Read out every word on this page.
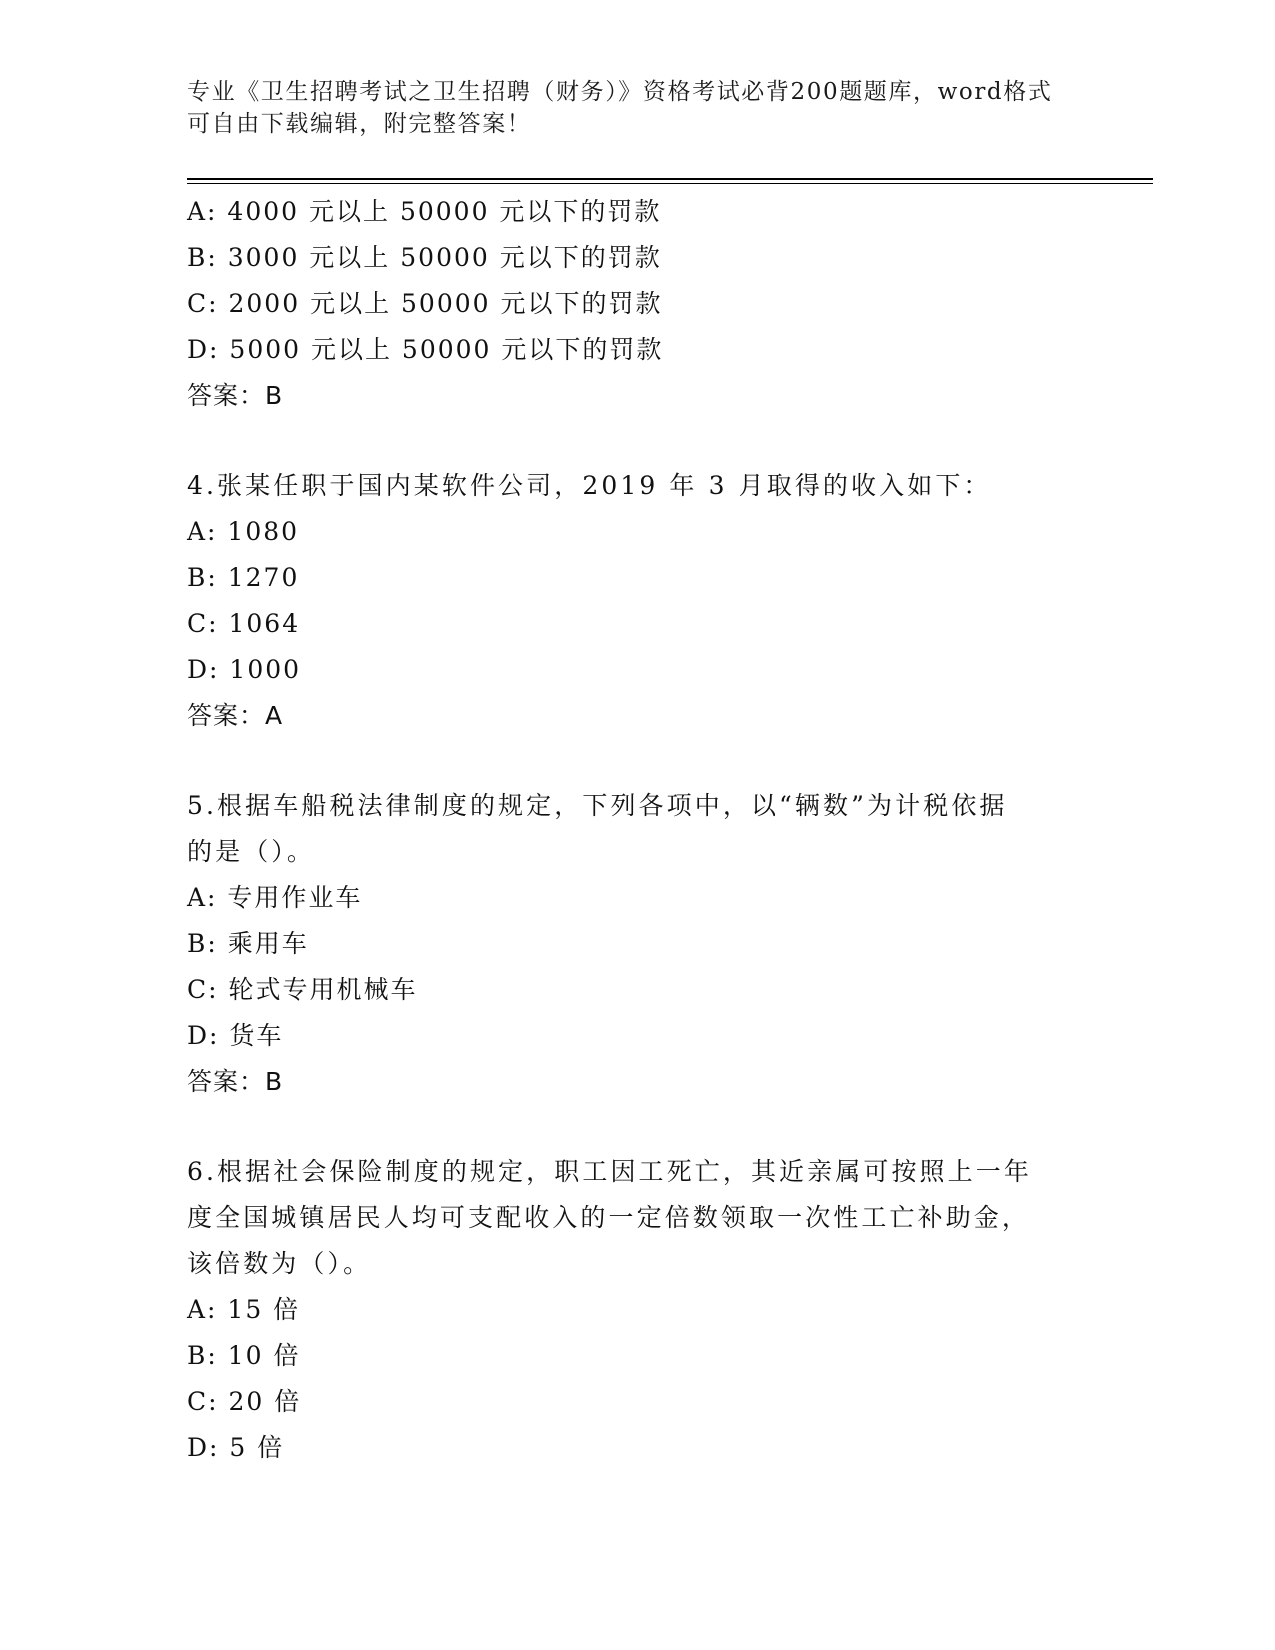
专业《卫生招聘考试之卫生招聘（财务）》资格考试必背200题题库，word格式
可自由下载编辑，附完整答案！
A: 4000 元以上 50000 元以下的罚款
B: 3000 元以上 50000 元以下的罚款
C: 2000 元以上 50000 元以下的罚款
D: 5000 元以上 50000 元以下的罚款
答案：B
4.张某任职于国内某软件公司，2019 年 3 月取得的收入如下：
A: 1080
B: 1270
C: 1064
D: 1000
答案：A
5.根据车船税法律制度的规定，下列各项中，以“辆数”为计税依据
的是（）。
A: 专用作业车
B: 乘用车
C: 轮式专用机械车
D: 货车
答案：B
6.根据社会保险制度的规定，职工因工死亡，其近亲属可按照上一年
度全国城镇居民人均可支配收入的一定倍数领取一次性工亡补助金，
该倍数为（）。
A: 15 倍
B: 10 倍
C: 20 倍
D: 5 倍
